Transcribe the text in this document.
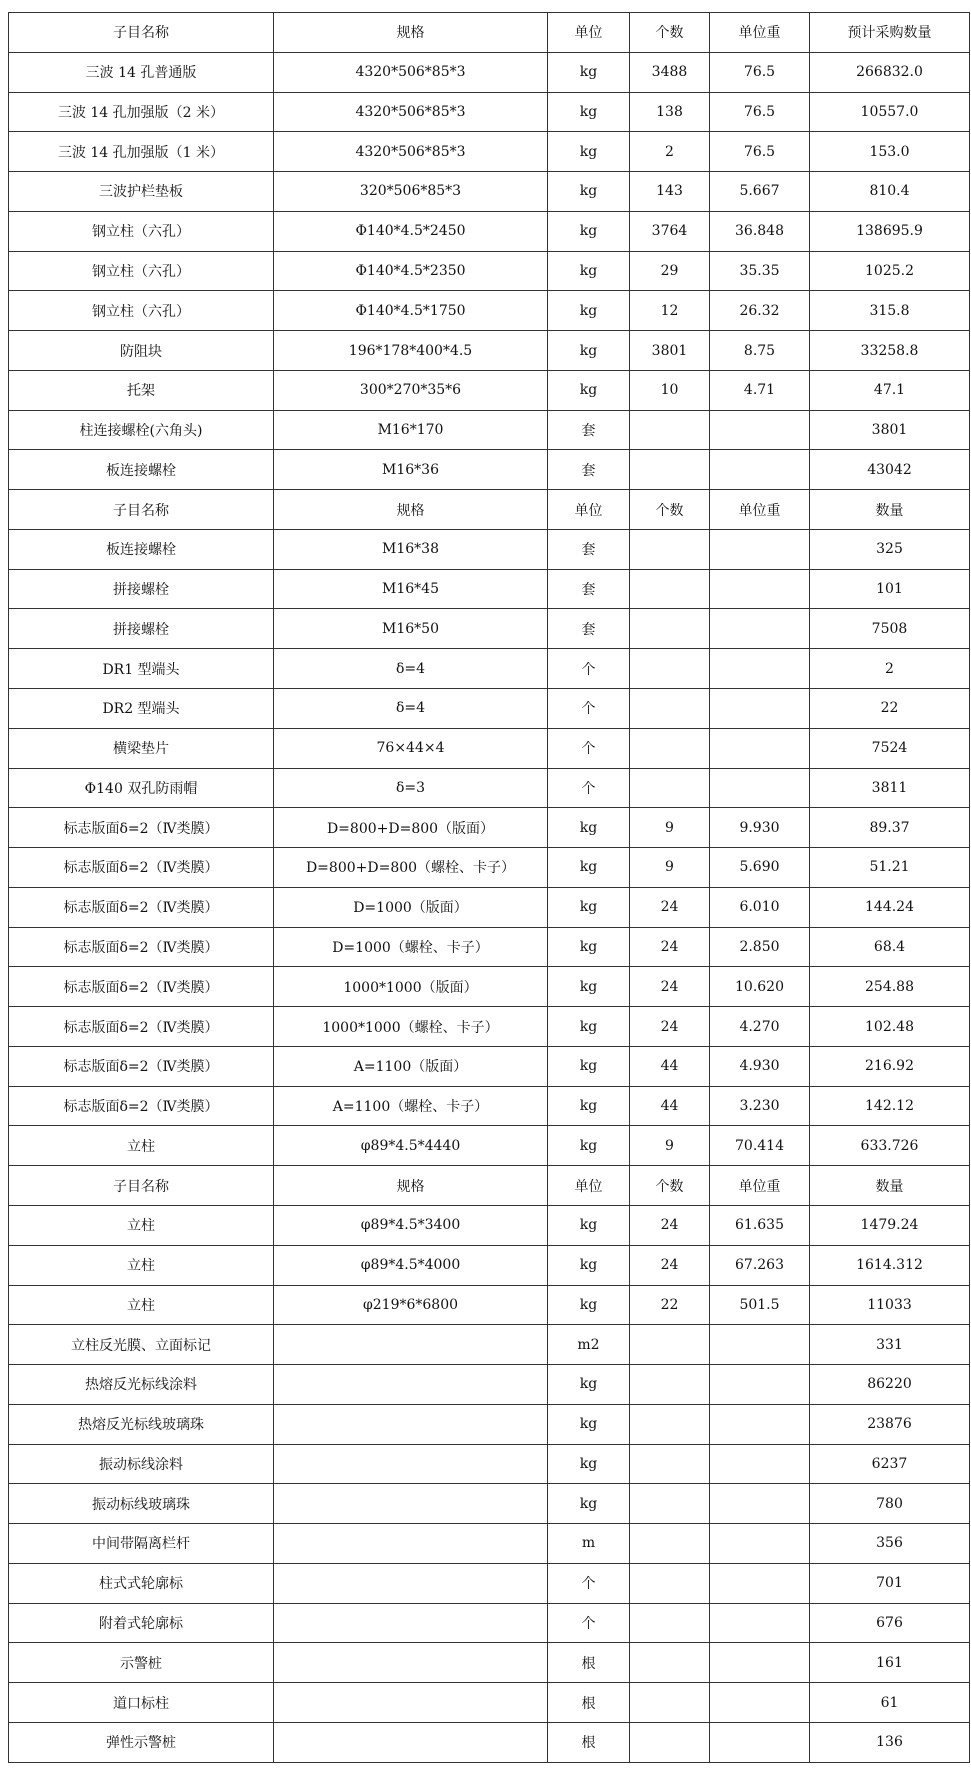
子目名称	规格	单位	个数	单位重	预计采购数量
三波 14 孔普通版	4320*506*85*3	kg	3488	76.5	266832.0
三波 14 孔加强版（2 米）	4320*506*85*3	kg	138	76.5	10557.0
三波 14 孔加强版（1 米）	4320*506*85*3	kg	2	76.5	153.0
三波护栏垫板	320*506*85*3	kg	143	5.667	810.4
钢立柱（六孔）	Φ140*4.5*2450	kg	3764	36.848	138695.9
钢立柱（六孔）	Φ140*4.5*2350	kg	29	35.35	1025.2
钢立柱（六孔）	Φ140*4.5*1750	kg	12	26.32	315.8
防阻块	196*178*400*4.5	kg	3801	8.75	33258.8
托架	300*270*35*6	kg	10	4.71	47.1
柱连接螺栓(六角头)	M16*170	套			3801
板连接螺栓	M16*36	套			43042
子目名称	规格	单位	个数	单位重	数量
板连接螺栓	M16*38	套			325
拼接螺栓	M16*45	套			101
拼接螺栓	M16*50	套			7508
DR1 型端头	δ=4	个			2
DR2 型端头	δ=4	个			22
横梁垫片	76×44×4	个			7524
Φ140 双孔防雨帽	δ=3	个			3811
标志版面δ=2（Ⅳ类膜）	D=800+D=800（版面）	kg	9	9.930	89.37
标志版面δ=2（Ⅳ类膜）	D=800+D=800（螺栓、卡子）	kg	9	5.690	51.21
标志版面δ=2（Ⅳ类膜）	D=1000（版面）	kg	24	6.010	144.24
标志版面δ=2（Ⅳ类膜）	D=1000（螺栓、卡子）	kg	24	2.850	68.4
标志版面δ=2（Ⅳ类膜）	1000*1000（版面）	kg	24	10.620	254.88
标志版面δ=2（Ⅳ类膜）	1000*1000（螺栓、卡子）	kg	24	4.270	102.48
标志版面δ=2（Ⅳ类膜）	A=1100（版面）	kg	44	4.930	216.92
标志版面δ=2（Ⅳ类膜）	A=1100（螺栓、卡子）	kg	44	3.230	142.12
立柱	φ89*4.5*4440	kg	9	70.414	633.726
子目名称	规格	单位	个数	单位重	数量
立柱	φ89*4.5*3400	kg	24	61.635	1479.24
立柱	φ89*4.5*4000	kg	24	67.263	1614.312
立柱	φ219*6*6800	kg	22	501.5	11033
立柱反光膜、立面标记		m2			331
热熔反光标线涂料		kg			86220
热熔反光标线玻璃珠		kg			23876
振动标线涂料		kg			6237
振动标线玻璃珠		kg			780
中间带隔离栏杆		m			356
柱式式轮廓标		个			701
附着式轮廓标		个			676
示警桩		根			161
道口标柱		根			61
弹性示警桩		根			136
